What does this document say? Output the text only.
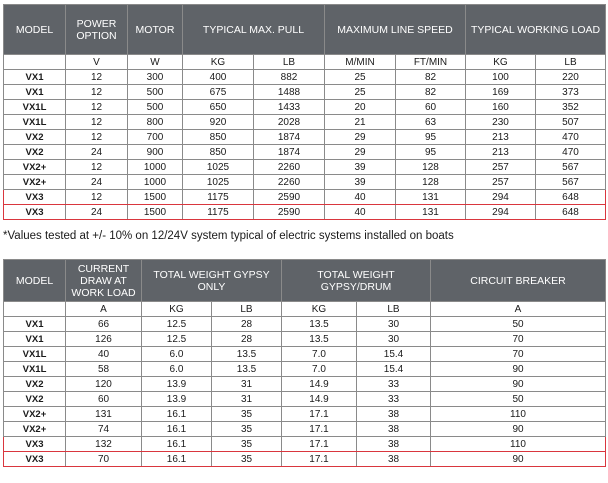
MODEL	POWER OPTION	MOTOR	TYPICAL MAX. PULL		MAXIMUM LINE SPEED		TYPICAL WORKING LOAD	
	V	W	KG	LB	M/MIN	FT/MIN	KG	LB
VX1	12	300	400	882	25	82	100	220
VX1	12	500	675	1488	25	82	169	373
VX1L	12	500	650	1433	20	60	160	352
VX1L	12	800	920	2028	21	63	230	507
VX2	12	700	850	1874	29	95	213	470
VX2	24	900	850	1874	29	95	213	470
VX2+	12	1000	1025	2260	39	128	257	567
VX2+	24	1000	1025	2260	39	128	257	567
VX3	12	1500	1175	2590	40	131	294	648
VX3	24	1500	1175	2590	40	131	294	648
*Values tested at +/- 10% on 12/24V system typical of electric systems installed on boats
MODEL	CURRENT DRAW AT WORK LOAD	TOTAL WEIGHT GYPSY ONLY		TOTAL WEIGHT GYPSY/DRUM		CIRCUIT BREAKER
	A	KG	LB	KG	LB	A
VX1	66	12.5	28	13.5	30	50
VX1	126	12.5	28	13.5	30	70
VX1L	40	6.0	13.5	7.0	15.4	70
VX1L	58	6.0	13.5	7.0	15.4	90
VX2	120	13.9	31	14.9	33	90
VX2	60	13.9	31	14.9	33	50
VX2+	131	16.1	35	17.1	38	110
VX2+	74	16.1	35	17.1	38	90
VX3	132	16.1	35	17.1	38	110
VX3	70	16.1	35	17.1	38	90
